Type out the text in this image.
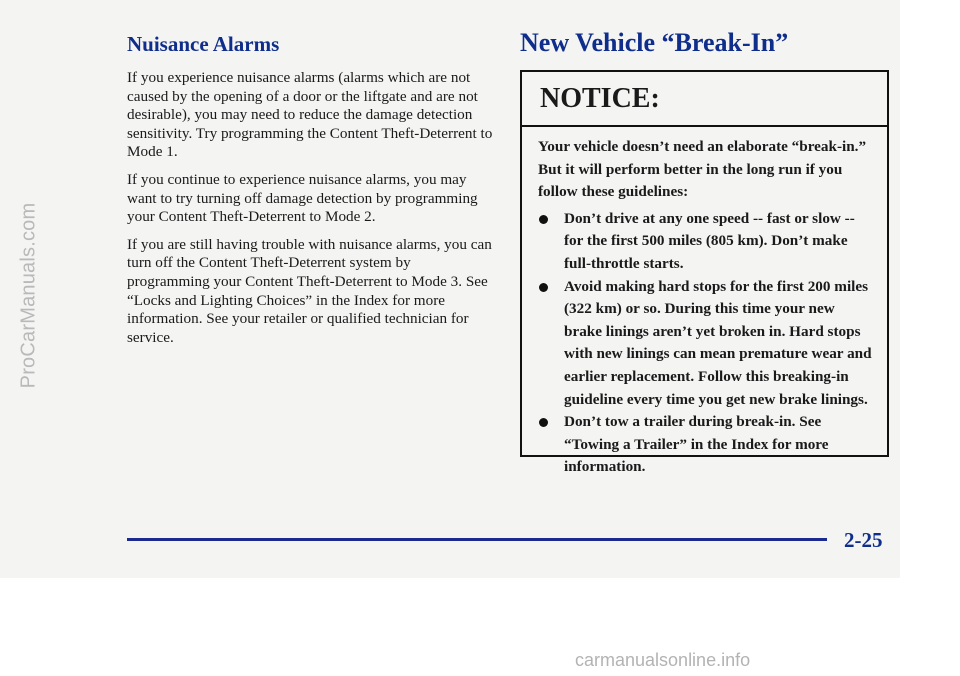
ProCarManuals.com
Nuisance Alarms

If you experience nuisance alarms (alarms which are not caused by the opening of a door or the liftgate and are not desirable), you may need to reduce the damage detection sensitivity. Try programming the Content Theft-Deterrent to Mode 1.

If you continue to experience nuisance alarms, you may want to try turning off damage detection by programming your Content Theft-Deterrent to Mode 2.

If you are still having trouble with nuisance alarms, you can turn off the Content Theft-Deterrent system by programming your Content Theft-Deterrent to Mode 3. See “Locks and Lighting Choices” in the Index for more information. See your retailer or qualified technician for service.

New Vehicle “Break-In”
NOTICE:

Your vehicle doesn’t need an elaborate “break-in.” But it will perform better in the long run if you follow these guidelines:

Don’t drive at any one speed -- fast or slow -- for the first 500 miles (805 km). Don’t make full-throttle starts.
Avoid making hard stops for the first 200 miles (322 km) or so. During this time your new brake linings aren’t yet broken in. Hard stops with new linings can mean premature wear and earlier replacement. Follow this breaking-in guideline every time you get new brake linings.
Don’t tow a trailer during break-in. See “Towing a Trailer” in the Index for more information.
2-25
carmanualsonline.info
